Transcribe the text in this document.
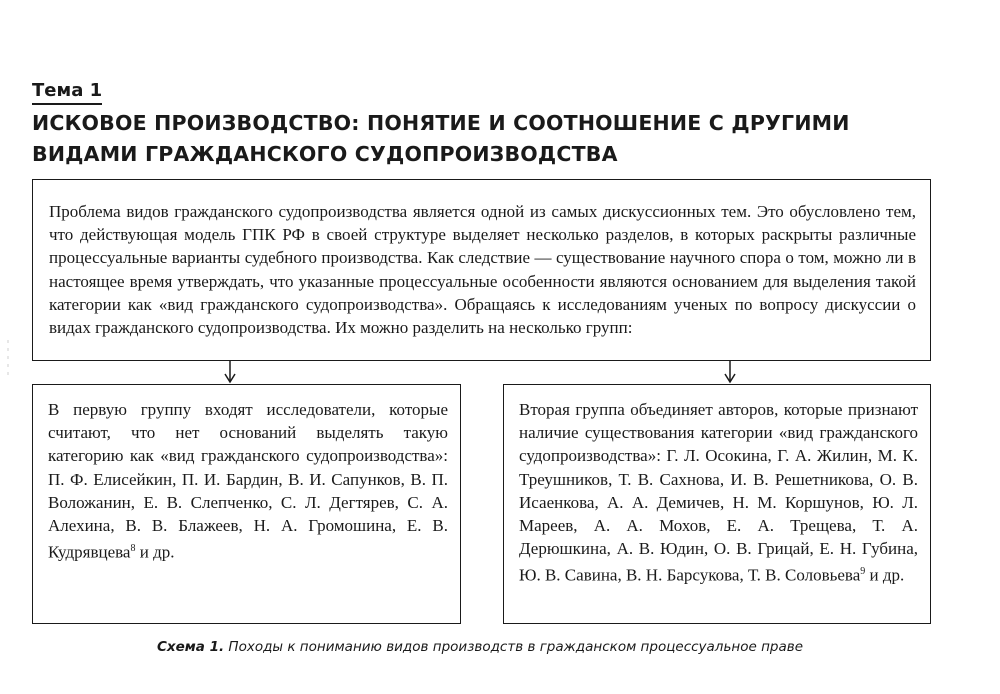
Тема 1
ИСКОВОЕ ПРОИЗВОДСТВО: ПОНЯТИЕ И СООТНОШЕНИЕ С ДРУГИМИ
ВИДАМИ ГРАЖДАНСКОГО СУДОПРОИЗВОДСТВА
Проблема видов гражданского судопроизводства является одной из самых дискуссионных тем. Это обусловлено тем, что действующая модель ГПК РФ в своей структуре выделяет несколько разделов, в которых раскрыты различные процессуальные варианты судебного производства. Как следствие — существование научного спора о том, можно ли в настоящее время утверждать, что указанные процессуальные особенности являются основанием для выделения такой категории как «вид гражданского судопроизводства». Обращаясь к исследованиям ученых по вопросу дискуссии о видах гражданского судопроизводства. Их можно разделить на несколько групп:
В первую группу входят исследователи, которые считают, что нет оснований выделять такую категорию как «вид гражданского судопроизводства»: П. Ф. Елисейкин, П. И. Бардин, В. И. Сапунков, В. П. Воложанин, Е. В. Слепченко, С. Л. Дегтярев, С. А. Алехина, В. В. Блажеев, Н. А. Громошина, Е. В. Кудрявцева$^8$ и др.
Вторая группа объединяет авторов, которые признают наличие существования категории «вид гражданского судопроизводства»: Г. Л. Осокина, Г. А. Жилин, М. К. Треушников, Т. В. Сахнова, И. В. Решетникова, О. В. Исаенкова, А. А. Демичев, Н. М. Коршунов, Ю. Л. Мареев, А. А. Мохов, Е. А. Трещева, Т. А. Дерюшкина, А. В. Юдин, О. В. Грицай, Е. Н. Губина, Ю. В. Савина, В. Н. Барсукова, Т. В. Соловьева$^9$ и др.
Схема 1. Походы к пониманию видов производств в гражданском процессуальное праве
